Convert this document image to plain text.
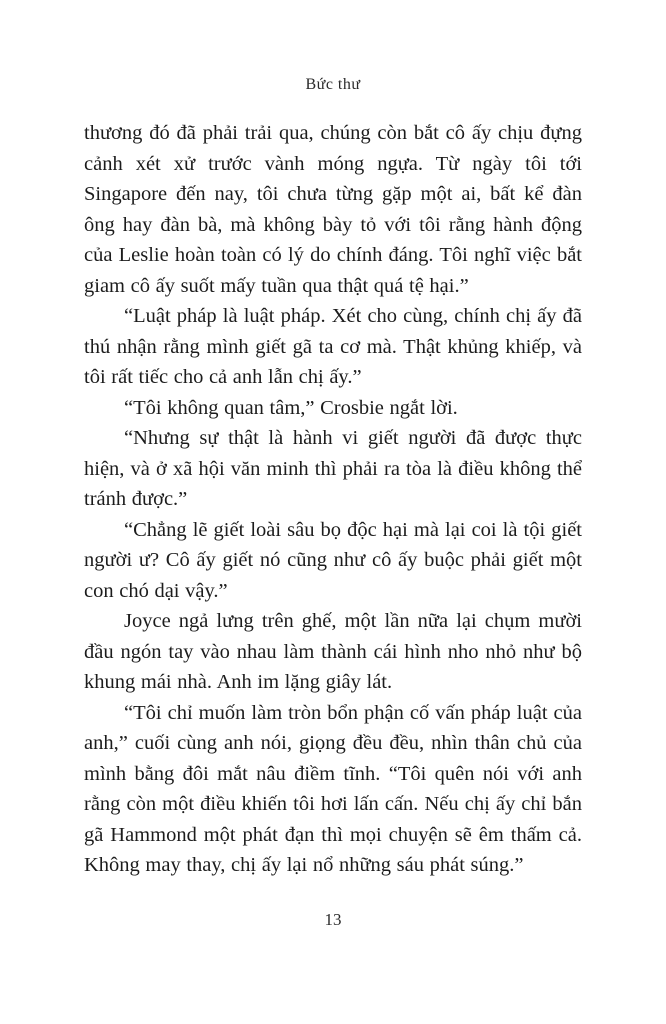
Bức thư

thương đó đã phải trải qua, chúng còn bắt cô ấy chịu đựng cảnh xét xử trước vành móng ngựa. Từ ngày tôi tới Singapore đến nay, tôi chưa từng gặp một ai, bất kể đàn ông hay đàn bà, mà không bày tỏ với tôi rằng hành động của Leslie hoàn toàn có lý do chính đáng. Tôi nghĩ việc bắt giam cô ấy suốt mấy tuần qua thật quá tệ hại.”

“Luật pháp là luật pháp. Xét cho cùng, chính chị ấy đã thú nhận rằng mình giết gã ta cơ mà. Thật khủng khiếp, và tôi rất tiếc cho cả anh lẫn chị ấy.”

“Tôi không quan tâm,” Crosbie ngắt lời.

“Nhưng sự thật là hành vi giết người đã được thực hiện, và ở xã hội văn minh thì phải ra tòa là điều không thể tránh được.”

“Chẳng lẽ giết loài sâu bọ độc hại mà lại coi là tội giết người ư? Cô ấy giết nó cũng như cô ấy buộc phải giết một con chó dại vậy.”

Joyce ngả lưng trên ghế, một lần nữa lại chụm mười đầu ngón tay vào nhau làm thành cái hình nho nhỏ như bộ khung mái nhà. Anh im lặng giây lát.

“Tôi chỉ muốn làm tròn bổn phận cố vấn pháp luật của anh,” cuối cùng anh nói, giọng đều đều, nhìn thân chủ của mình bằng đôi mắt nâu điềm tĩnh. “Tôi quên nói với anh rằng còn một điều khiến tôi hơi lấn cấn. Nếu chị ấy chỉ bắn gã Hammond một phát đạn thì mọi chuyện sẽ êm thấm cả. Không may thay, chị ấy lại nổ những sáu phát súng.”

13
